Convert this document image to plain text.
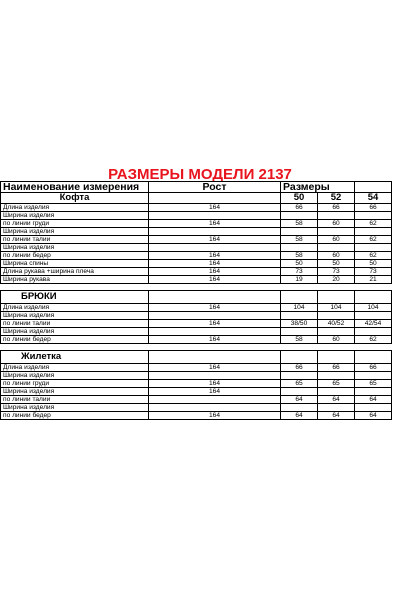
РАЗМЕРЫ МОДЕЛИ 2137
Наименование измерения	Рост	Размеры		
Кофта		50	52	54
Длина изделия	164	66	66	66
Ширина изделия				
по линии груди	164	58	60	62
Ширина изделия				
по линии талии	164	58	60	62
Ширина изделия				
по линии бедер	164	58	60	62
Ширина спины	164	50	50	50
Длина рукава +ширина плеча	164	73	73	73
Ширина рукава	164	19	20	21

БРЮКИ				
Длина изделия	164	104	104	104
Ширина изделия				
по линии талии	164	38/50	40/52	42/54
Ширина изделия				
по линии бедер	164	58	60	62

Жилетка				
Длина изделия	164	66	66	66
Ширина изделия				
по линии груди	164	65	65	65
Ширина изделия	164			
по линии талии		64	64	64
Ширина изделия				
по линии бедер	164	64	64	64
